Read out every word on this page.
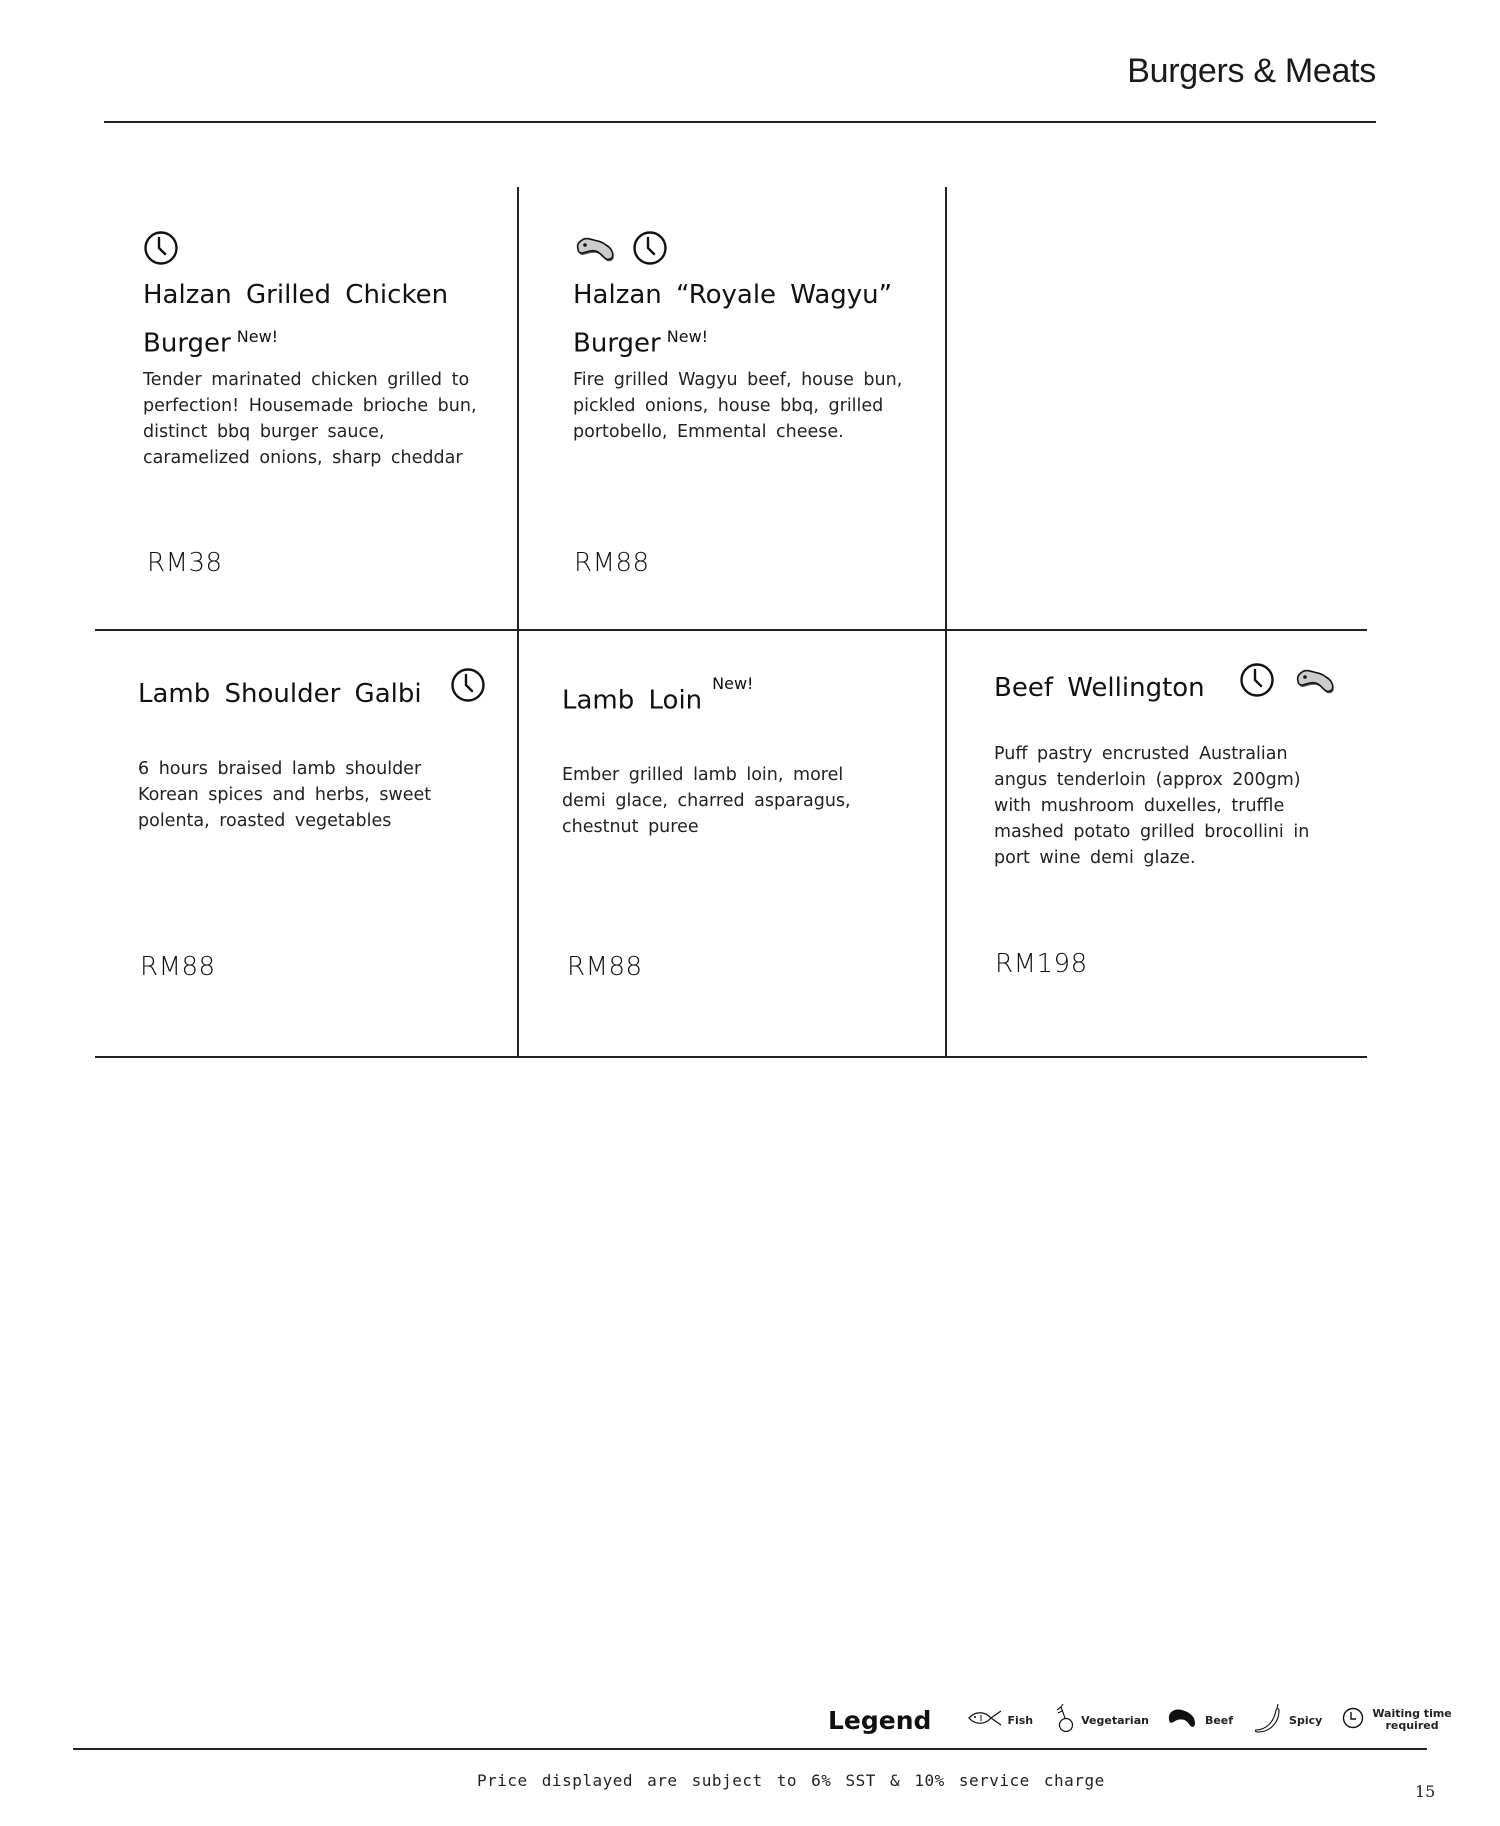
Burgers & Meats
Halzan Grilled Chicken
Burger $^{New!}$
Tender marinated chicken grilled to
perfection! Housemade brioche bun,
distinct bbq burger sauce,
caramelized onions, sharp cheddar
RM38

Halzan “Royale Wagyu”
Burger $^{New!}$
Fire grilled Wagyu beef, house bun,
pickled onions, house bbq, grilled
portobello, Emmental cheese.
RM88
Lamb Shoulder Galbi
6 hours braised lamb shoulder
Korean spices and herbs, sweet
polenta, roasted vegetables
RM88
Lamb Loin$^{New!}$
Ember grilled lamb loin, morel
demi glace, charred asparagus,
chestnut puree
RM88
Beef Wellington
Puff pastry encrusted Australian
angus tenderloin (approx 200gm)
with mushroom duxelles, truffle
mashed potato grilled brocollini in
port wine demi glaze.
RM198
Legend	Fish	Vegetarian	Beef	Spicy	Waiting time
required
Price displayed are subject to 6% SST & 10% service charge
15
